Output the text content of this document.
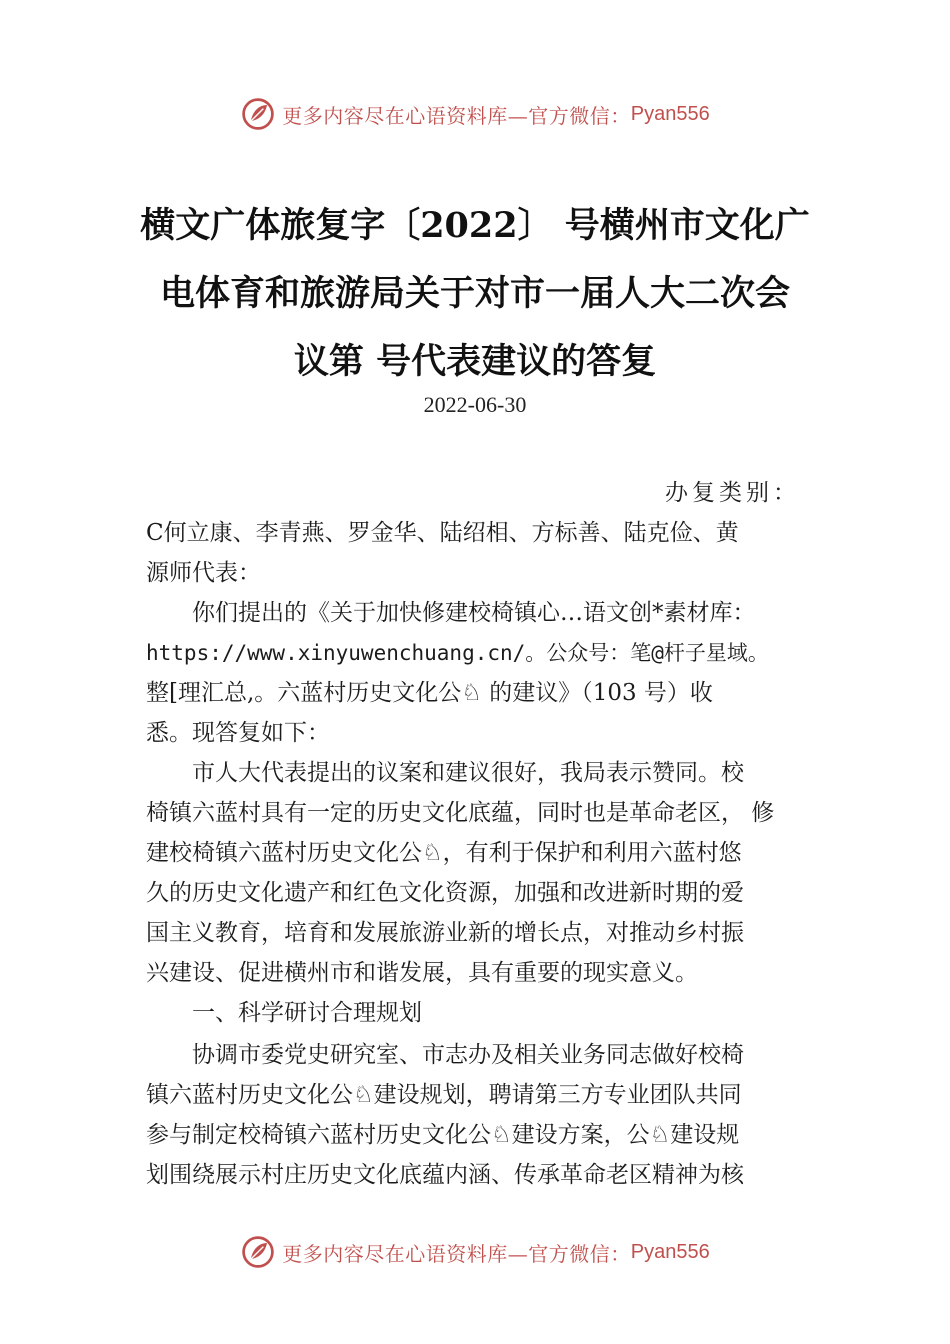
更多内容尽在心语资料库—官方微信： Pyan556
横文广体旅复字〔2022〕 号横州市文化广
电体育和旅游局关于对市一届人大二次会
议第 号代表建议的答复
2022-06-30
办复类别：
C何立康、李青燕、罗金华、陆绍相、方标善、陆克俭、黄
源师代表：
　　你们提出的《关于加快修建校椅镇心…语文创*素材库：
https://www.xinyuwenchuang.cn/。公众号：笔@杆子星域。
整[理汇总,。六蓝村历史文化公♘ 的建议》（103 号）收
悉。现答复如下：
　　市人大代表提出的议案和建议很好，我局表示赞同。校
椅镇六蓝村具有一定的历史文化底蕴，同时也是革命老区， 修
建校椅镇六蓝村历史文化公♘，有利于保护和利用六蓝村悠
久的历史文化遗产和红色文化资源，加强和改进新时期的爱
国主义教育，培育和发展旅游业新的增长点，对推动乡村振
兴建设、促进横州市和谐发展，具有重要的现实意义。
　　一、科学研讨合理规划
　　协调市委党史研究室、市志办及相关业务同志做好校椅
镇六蓝村历史文化公♘建设规划，聘请第三方专业团队共同
参与制定校椅镇六蓝村历史文化公♘建设方案，公♘建设规
划围绕展示村庄历史文化底蕴内涵、传承革命老区精神为核
更多内容尽在心语资料库—官方微信： Pyan556
